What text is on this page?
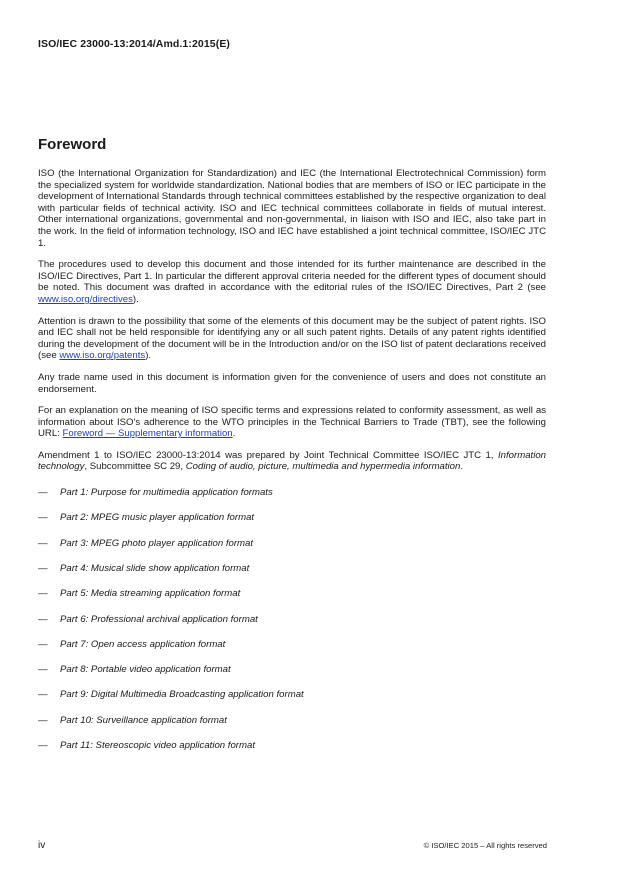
ISO/IEC 23000-13:2014/Amd.1:2015(E)
Foreword

ISO (the International Organization for Standardization) and IEC (the International Electrotechnical Commission) form the specialized system for worldwide standardization. National bodies that are members of ISO or IEC participate in the development of International Standards through technical committees established by the respective organization to deal with particular fields of technical activity. ISO and IEC technical committees collaborate in fields of mutual interest. Other international organizations, governmental and non-governmental, in liaison with ISO and IEC, also take part in the work. In the field of information technology, ISO and IEC have established a joint technical committee, ISO/IEC JTC 1.

The procedures used to develop this document and those intended for its further maintenance are described in the ISO/IEC Directives, Part 1. In particular the different approval criteria needed for the different types of document should be noted. This document was drafted in accordance with the editorial rules of the ISO/IEC Directives, Part 2 (see www.iso.org/directives).

Attention is drawn to the possibility that some of the elements of this document may be the subject of patent rights. ISO and IEC shall not be held responsible for identifying any or all such patent rights. Details of any patent rights identified during the development of the document will be in the Introduction and/or on the ISO list of patent declarations received (see www.iso.org/patents).

Any trade name used in this document is information given for the convenience of users and does not constitute an endorsement.

For an explanation on the meaning of ISO specific terms and expressions related to conformity assessment, as well as information about ISO's adherence to the WTO principles in the Technical Barriers to Trade (TBT), see the following URL: Foreword — Supplementary information.

Amendment 1 to ISO/IEC 23000-13:2014 was prepared by Joint Technical Committee ISO/IEC JTC 1, Information technology, Subcommittee SC 29, Coding of audio, picture, multimedia and hypermedia information.

—	Part 1: Purpose for multimedia application formats
—	Part 2: MPEG music player application format
—	Part 3: MPEG photo player application format
—	Part 4: Musical slide show application format
—	Part 5: Media streaming application format
—	Part 6: Professional archival application format
—	Part 7: Open access application format
—	Part 8: Portable video application format
—	Part 9: Digital Multimedia Broadcasting application format
—	Part 10: Surveillance application format
—	Part 11: Stereoscopic video application format
iv	© ISO/IEC 2015 – All rights reserved
